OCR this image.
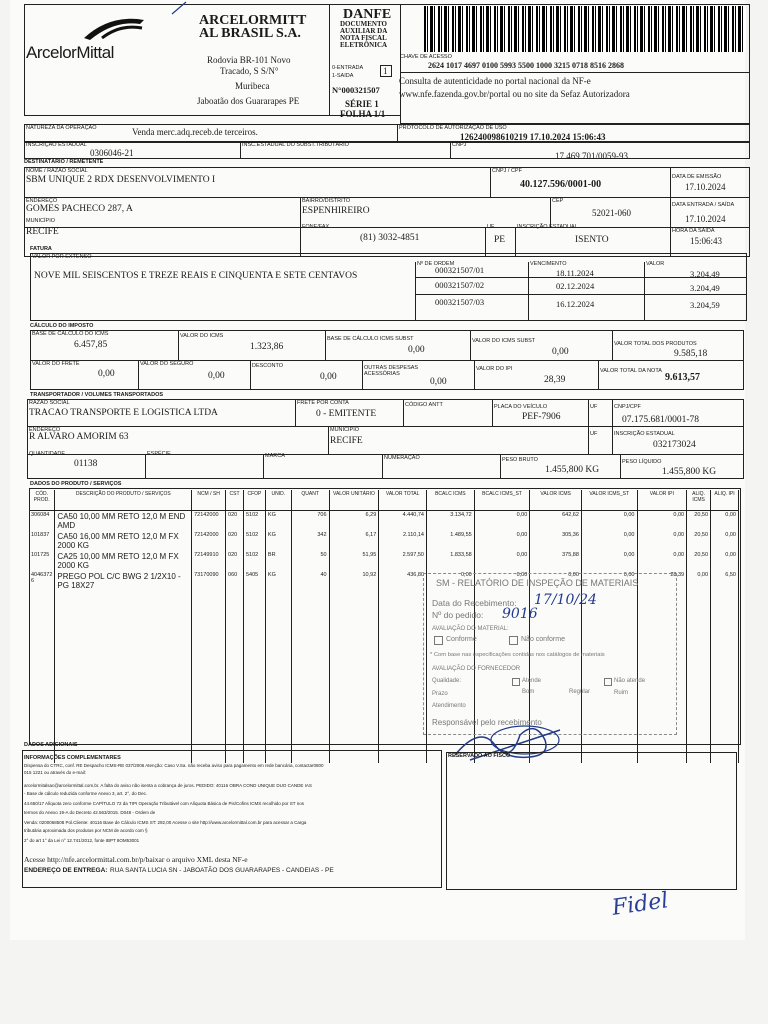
ArcelorMittal
ARCELORMITT
AL BRASIL S.A.
Rodovia BR-101 Novo
Tracado, S S/N°
Muribeca
Jaboatão dos Guararapes PE
DANFE
DOCUMENTO
AUXILIAR DA
NOTA FISCAL
ELETRÔNICA
0-ENTRADA
1-SAIDA	1
N°000321507
SÉRIE 1
FOLHA 1/1
CHAVE DE ACESSO
2624 1017 4697 0100 5993 5500 1000 3215 0718 8516 2868
Consulta de autenticidade no portal nacional da NF-e
www.nfe.fazenda.gov.br/portal ou no site da Sefaz Autorizadora
NATUREZA DA OPERAÇÃO	Venda merc.adq.receb.de terceiros.	PROTOCOLO DE AUTORIZAÇÃO DE USO
126240098610219 17.10.2024 15:06:43
INSCRIÇÃO ESTADUAL
0306046-21
INSC.ESTADUAL DO SUBST.TRIBUTÁRIO	CNPJ
17.469.701/0059-93
DESTINATÁRIO / REMETENTE
NOME / RAZÃO SOCIAL
SBM UNIQUE 2 RDX DESENVOLVIMENTO I
CNPJ / CPF
40.127.596/0001-00
DATA DE EMISSÃO
17.10.2024
ENDEREÇO
GOMES PACHECO 287, A
BAIRRO/DISTRITO
ESPENHIREIRO
CEP
52021-060
DATA ENTRADA / SAÍDA
17.10.2024
MUNICÍPIO
RECIFE	FONE/FAX
(81) 3032-4851
UF
PE
INSCRIÇÃO ESTADUAL
ISENTO
HORA DA SAÍDA
15:06:43
FATURA
VALOR POR EXTENSO
NOVE MIL SEISCENTOS E TREZE REAIS E CINQUENTA E SETE CENTAVOS
Nº DE ORDEM	VENCIMENTO	VALOR
000321507/01	18.11.2024	3.204,49
000321507/02	02.12.2024	3.204,49
000321507/03	16.12.2024	3.204,59
CÁLCULO DO IMPOSTO
BASE DE CÁLCULO DO ICMS
6.457,85
VALOR DO ICMS
1.323,86
BASE DE CÁLCULO ICMS SUBST
0,00
VALOR DO ICMS SUBST
0,00
VALOR TOTAL DOS PRODUTOS
9.585,18
VALOR DO FRETE
0,00
VALOR DO SEGURO
0,00
DESCONTO
0,00
OUTRAS DESPESAS ACESSÓRIAS
0,00
VALOR DO IPI
28,39
VALOR TOTAL DA NOTA
9.613,57
TRANSPORTADOR / VOLUMES TRANSPORTADOS
RAZÃO SOCIAL
TRACAO TRANSPORTE E LOGISTICA LTDA
FRETE POR CONTA
0 - EMITENTE
CÓDIGO ANTT	PLACA DO VEÍCULO
PEF-7906
UF	CNPJ/CPF
07.175.681/0001-78
ENDEREÇO
R ALVARO AMORIM 63
MUNICÍPIO
RECIFE
UF	INSCRIÇÃO ESTADUAL
032173024
QUANTIDADE
01138
ESPÉCIE	MARCA	NUMERAÇÃO	PESO BRUTO
1.455,800 KG
PESO LÍQUIDO
1.455,800 KG
DADOS DO PRODUTO / SERVIÇOS
CÓD. PROD.	DESCRIÇÃO DO PRODUTO / SERVIÇOS	NCM / SH	CST	CFOP	UNID.	QUANT	VALOR UNITÁRIO	VALOR TOTAL	BCALC ICMS	BCALC ICMS_ST	VALOR ICMS	VALOR ICMS_ST	VALOR IPI	ALIQ. ICMS	ALIQ. IPI
306084	CA50 10,00 MM RETO 12,0 M END AMD	72142000	020	5102	KG	706	6,29	4.440,74	3.134,72	0,00	642,62	0,00	0,00	20,50	0,00
101837	CA50 16,00 MM RETO 12,0 M FX 2000 KG	72142000	020	5102	KG	342	6,17	2.110,14	1.489,55	0,00	305,36	0,00	0,00	20,50	0,00
101725	CA25 10,00 MM RETO 12,0 M FX 2000 KG	72149910	020	5102	BR	50	51,95	2.597,50	1.833,58	0,00	375,88	0,00	0,00	20,50	0,00
4046372 6	PREGO POL C/C BWG 2 1/2X10 - PG 18X27	73170090	060	5405	KG	40	10,92	436,80	0,00	0,00	0,00	0,00	28,39	0,00	6,50

SM - RELATÓRIO DE INSPEÇÃO DE MATERIAIS
Data do Recebimento: 17/10/24
Nº do pedido: 9016
AVALIAÇÃO DO MATERIAL:
Conforme	Não conforme
* Com base nas especificações contidas nos catálogos de materiais
AVALIAÇÃO DO FORNECEDOR
Qualidade:	Atende	Não atende
Prazo	Bom	Regular	Ruim
Atendimento
Responsável pelo recebimento
DADOS ADICIONAIS
INFORMAÇÕES COMPLEMENTARES
Dispensa do CTRC, conf. RE Despacho ICMS-RE 037/2006 Atenção: Caso V.Sa. não receba aviso para pagamento em rede bancária, contactar0800
015 1221 ou através do e-mail:
arcelormitalsac@arcelormittal.com.br. A falta do aviso não isenta a cobrança de juros. PEDIDO: 40116 OBRA COND UNIQUE DUO CANDE IAS
- Base de cálculo reduzida conforme Anexo 3, art. 2°, do Dec.
44.650/17 Alíquota zero conforme CAPÍTULO 72 da TIPI Operação Tributável com Alíquota Básica de Pis/Cofins ICMS recolhido por ST nos
termos do Anexo 19-A do Decreto 42.563/2015. D048 - Ordem de
Venda: 0200068508 Pol.Cliente: 40116 Base de Cálculo ICMS ST: 292,00 Acesse o site http://www.arcelormittal.com.br para acessar a Carga
tributária aproximada dos produtos por NCM de acordo com §
2° do art 1° da Lei n° 12.741/2012, fonte IBPT 8OM53001
Acesse http://nfe.arcelormittal.com.br/p/baixar o arquivo XML desta NF-e
ENDEREÇO DE ENTREGA: RUA SANTA LUCIA SN - JABOATÃO DOS GUARARAPES - CANDEIAS - PE
RESERVADO AO FISCO
Fidel
